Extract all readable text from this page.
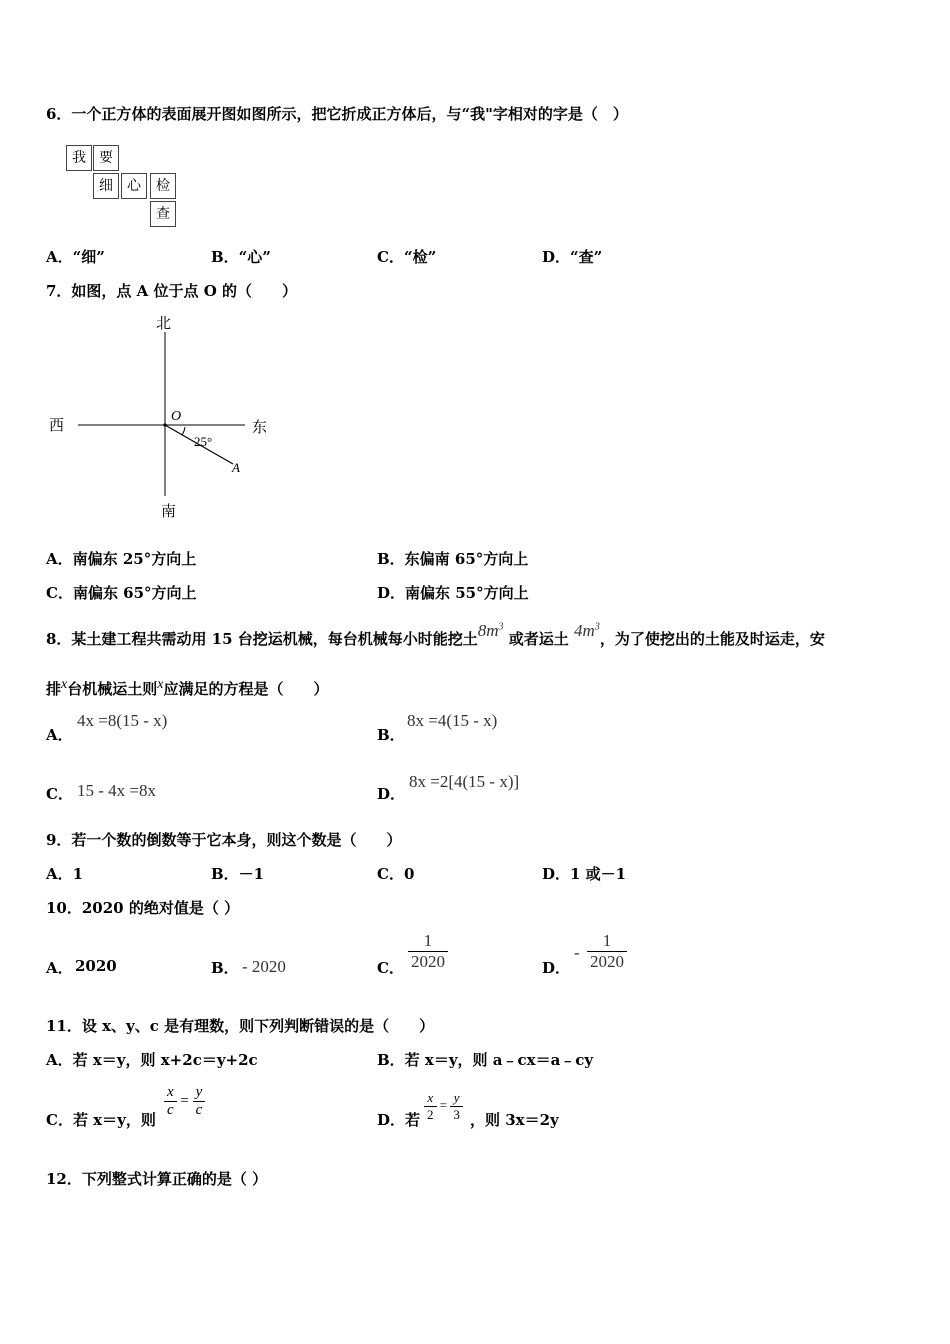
6．一个正方体的表面展开图如图所示，把它折成正方体后，与“我"字相对的字是（　）
我 要
细	心	检
查
A．“细”	B．“心”	C．“检”	D．“查”
7．如图，点 A 位于点 O 的（　　）
北
南
西	东
O
A
25°
A．南偏东 25°方向上	B．东偏南 65°方向上
C．南偏东 65°方向上	D．南偏东 55°方向上
8．某土建工程共需动用 15 台挖运机械，每台机械每小时能挖土$8m^3$ 或者运土 $4m^3$，为了使挖出的土能及时运走，安
排x台机械运土则x应满足的方程是（　　）
A．
4x =8(15 - x)
B．
8x =4(15 - x)
C． 15 - 4x =8x	D．
8x =2[4(15 - x)]
9．若一个数的倒数等于它本身，则这个数是（　　）
A．1	B．－1	C．0	D．1 或－1
10．2020 的绝对值是（ ）
A． 2020	B． - 2020	C． $\frac{1}{2020}$	D．
- $\frac{1}{2020}$
11．设 x、y、c 是有理数，则下列判断错误的是（　　）
A．若 x＝y，则 x+2c＝y+2c	B．若 x＝y，则 a﹣cx＝a﹣cy
C．若 x＝y，则
$\frac{x}{c} = \frac{y}{c}$
D．若 $\frac{x}{2} = \frac{y}{3}$ ，则 3x＝2y
12．下列整式计算正确的是（ ）
